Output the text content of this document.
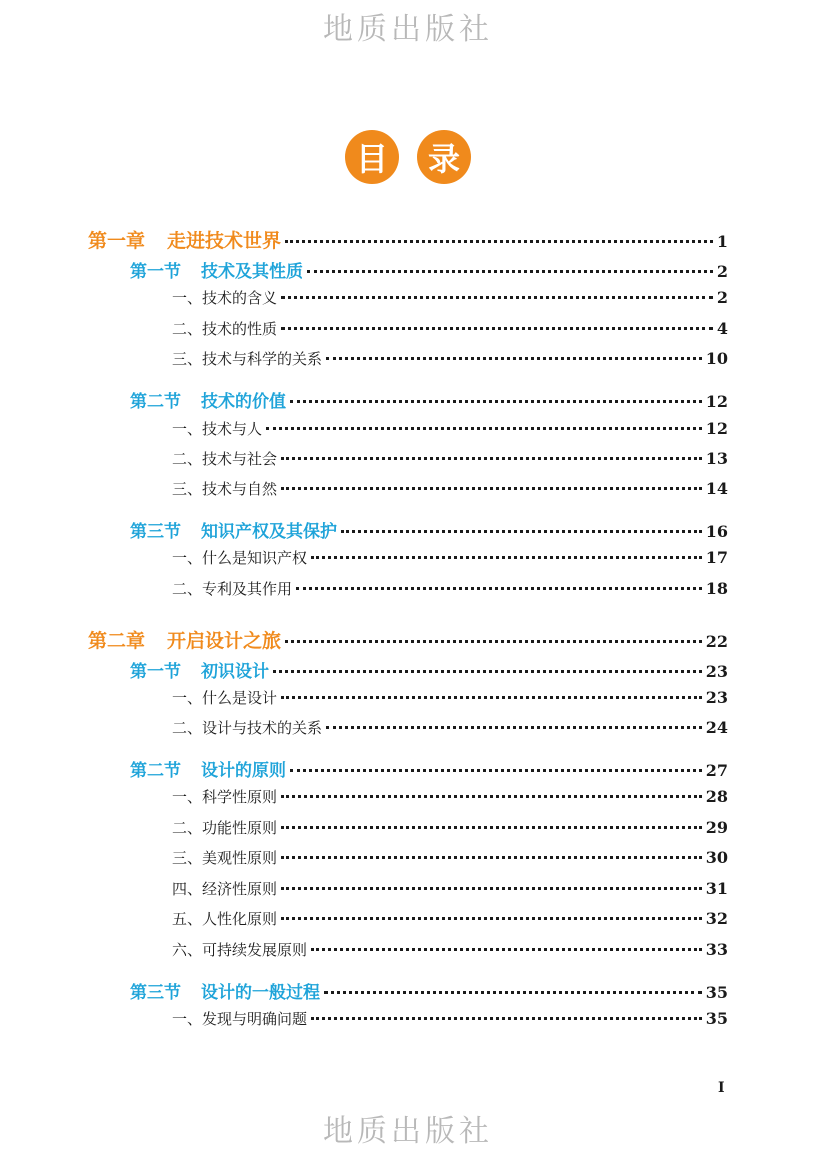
地质出版社
目	录
第一章 走进技术世界	1
第一节 技术及其性质	2
一、技术的含义	2
二、技术的性质	4
三、技术与科学的关系	10
第二节 技术的价值	12
一、技术与人	12
二、技术与社会	13
三、技术与自然	14
第三节 知识产权及其保护	16
一、什么是知识产权	17
二、专利及其作用	18
第二章 开启设计之旅	22
第一节 初识设计	23
一、什么是设计	23
二、设计与技术的关系	24
第二节 设计的原则	27
一、科学性原则	28
二、功能性原则	29
三、美观性原则	30
四、经济性原则	31
五、人性化原则	32
六、可持续发展原则	33
第三节 设计的一般过程	35
一、发现与明确问题	35
I
地质出版社
